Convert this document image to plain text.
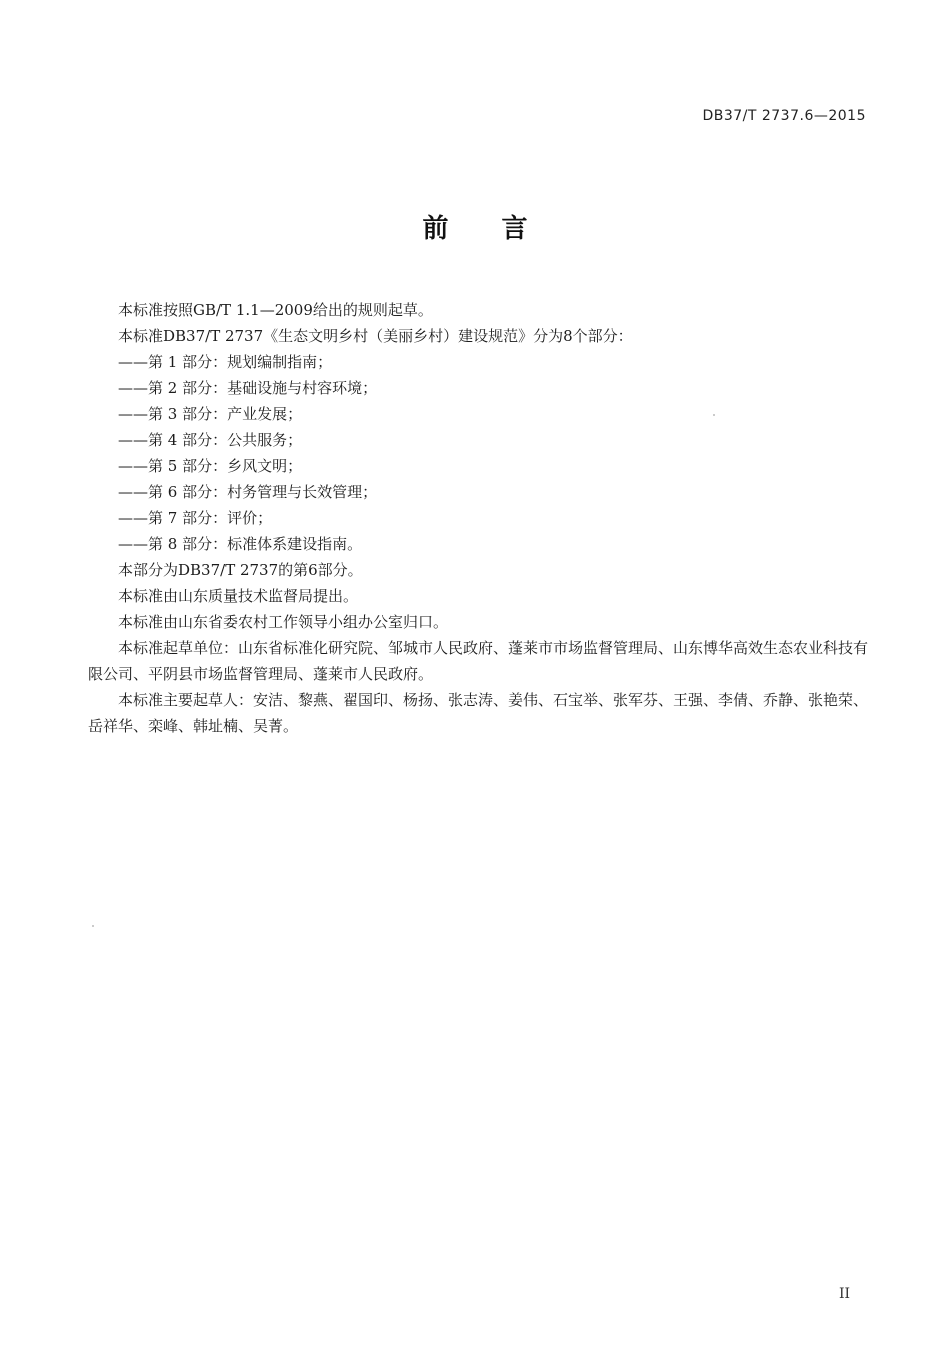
DB37/T 2737.6—2015
前 言

本标准按照GB/T 1.1—2009给出的规则起草。

本标准DB37/T 2737《生态文明乡村（美丽乡村）建设规范》分为8个部分：

——第 1 部分：规划编制指南；

——第 2 部分：基础设施与村容环境；

——第 3 部分：产业发展；

——第 4 部分：公共服务；

——第 5 部分：乡风文明；

——第 6 部分：村务管理与长效管理；

——第 7 部分：评价；

——第 8 部分：标准体系建设指南。

本部分为DB37/T 2737的第6部分。

本标准由山东质量技术监督局提出。

本标准由山东省委农村工作领导小组办公室归口。

本标准起草单位：山东省标准化研究院、邹城市人民政府、蓬莱市市场监督管理局、山东博华高效生态农业科技有限公司、平阴县市场监督管理局、蓬莱市人民政府。

本标准主要起草人：安洁、黎燕、翟国印、杨扬、张志涛、姜伟、石宝举、张军芬、王强、李倩、乔静、张艳荣、岳祥华、栾峰、韩址楠、吴菁。

II
